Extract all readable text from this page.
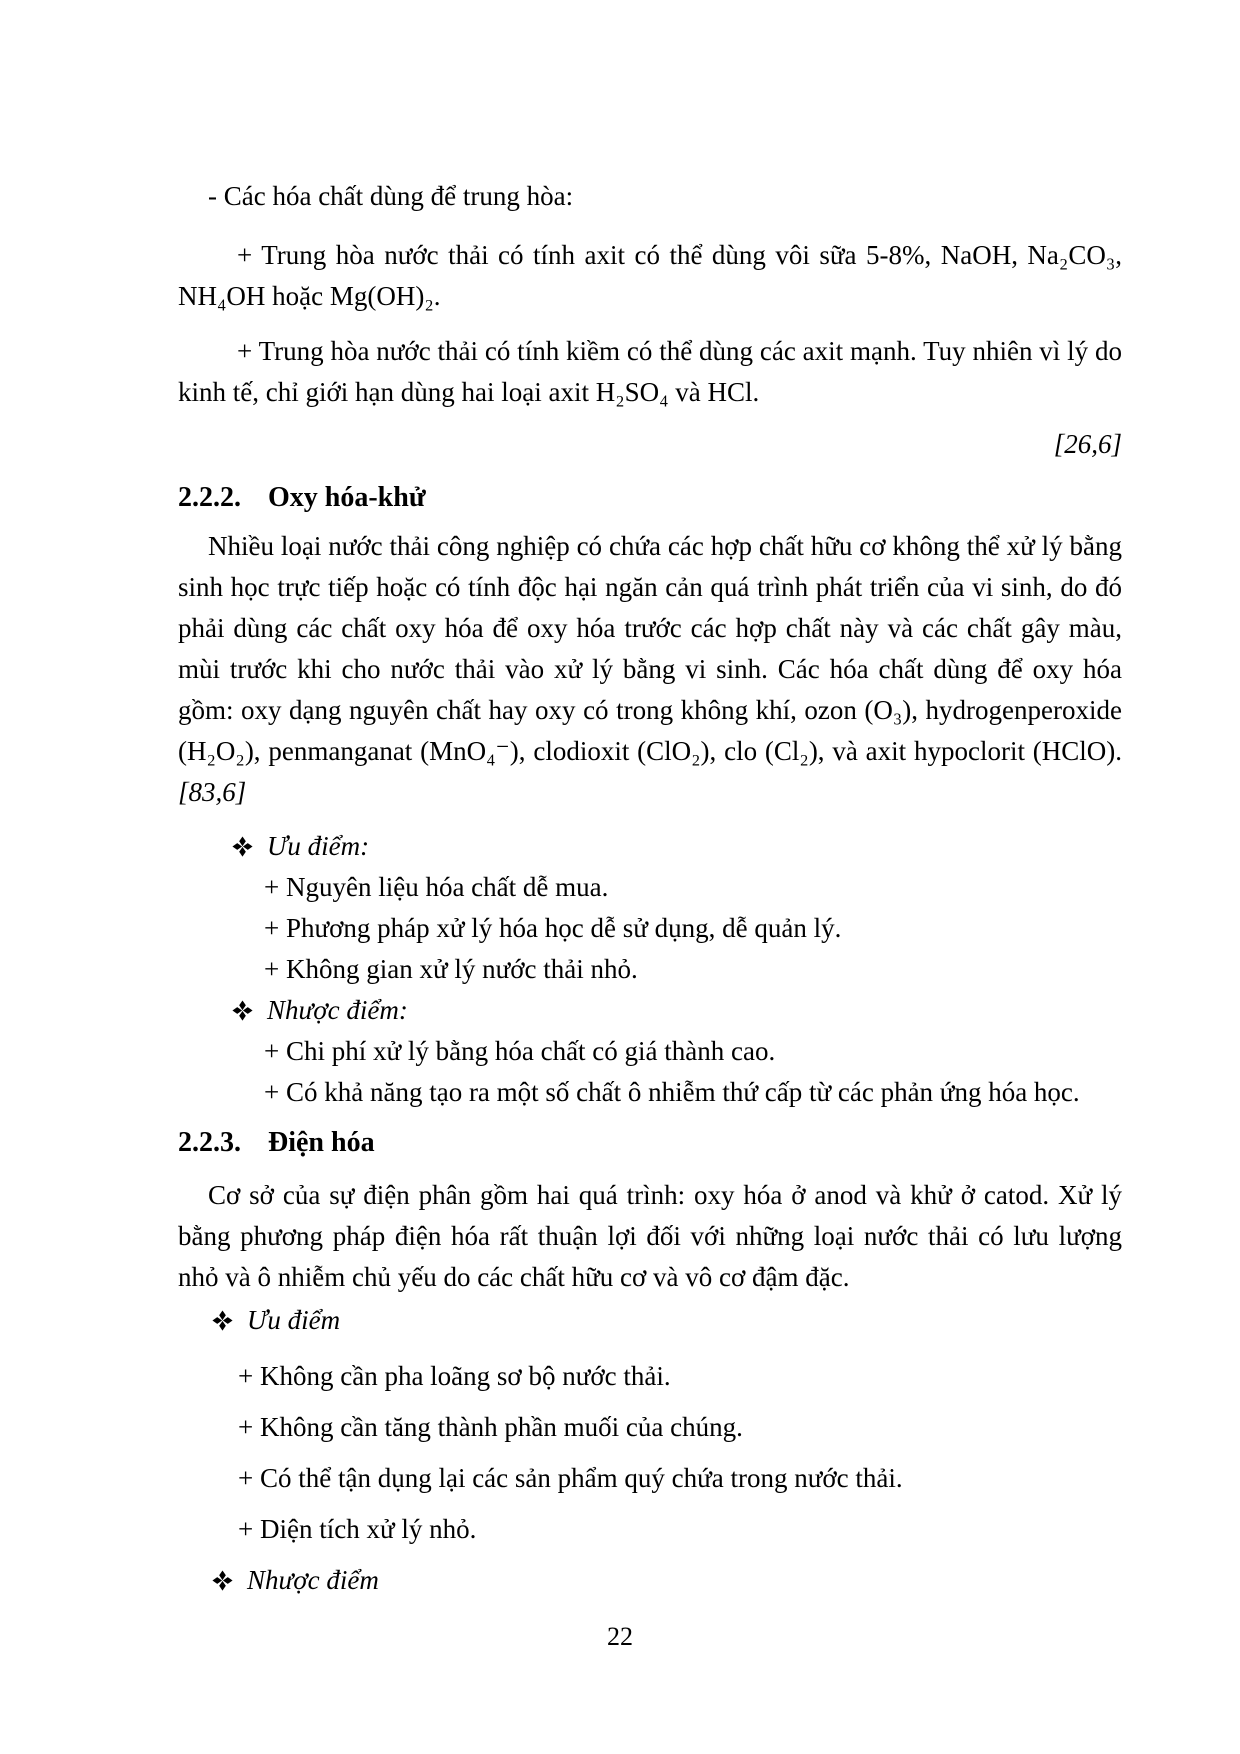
- Các hóa chất dùng để trung hòa:

+ Trung hòa nước thải có tính axit có thể dùng vôi sữa 5-8%, NaOH, Na₂CO₃, NH₄OH hoặc Mg(OH)₂.

+ Trung hòa nước thải có tính kiềm có thể dùng các axit mạnh. Tuy nhiên vì lý do kinh tế, chỉ giới hạn dùng hai loại axit H₂SO₄ và HCl.

[26,6]

2.2.2. Oxy hóa-khử

Nhiều loại nước thải công nghiệp có chứa các hợp chất hữu cơ không thể xử lý bằng sinh học trực tiếp hoặc có tính độc hại ngăn cản quá trình phát triển của vi sinh, do đó phải dùng các chất oxy hóa để oxy hóa trước các hợp chất này và các chất gây màu, mùi trước khi cho nước thải vào xử lý bằng vi sinh. Các hóa chất dùng để oxy hóa gồm: oxy dạng nguyên chất hay oxy có trong không khí, ozon (O₃), hydrogenperoxide (H₂O₂), penmanganat (MnO₄⁻), clodioxit (ClO₂), clo (Cl₂), và axit hypoclorit (HClO). [83,6]

Ưu điểm:

+ Nguyên liệu hóa chất dễ mua.

+ Phương pháp xử lý hóa học dễ sử dụng, dễ quản lý.

+ Không gian xử lý nước thải nhỏ.

Nhược điểm:

+ Chi phí xử lý bằng hóa chất có giá thành cao.

+ Có khả năng tạo ra một số chất ô nhiễm thứ cấp từ các phản ứng hóa học.

2.2.3. Điện hóa

Cơ sở của sự điện phân gồm hai quá trình: oxy hóa ở anod và khử ở catod. Xử lý bằng phương pháp điện hóa rất thuận lợi đối với những loại nước thải có lưu lượng nhỏ và ô nhiễm chủ yếu do các chất hữu cơ và vô cơ đậm đặc.

Ưu điểm

+ Không cần pha loãng sơ bộ nước thải.

+ Không cần tăng thành phần muối của chúng.

+ Có thể tận dụng lại các sản phẩm quý chứa trong nước thải.

+ Diện tích xử lý nhỏ.

Nhược điểm
22
